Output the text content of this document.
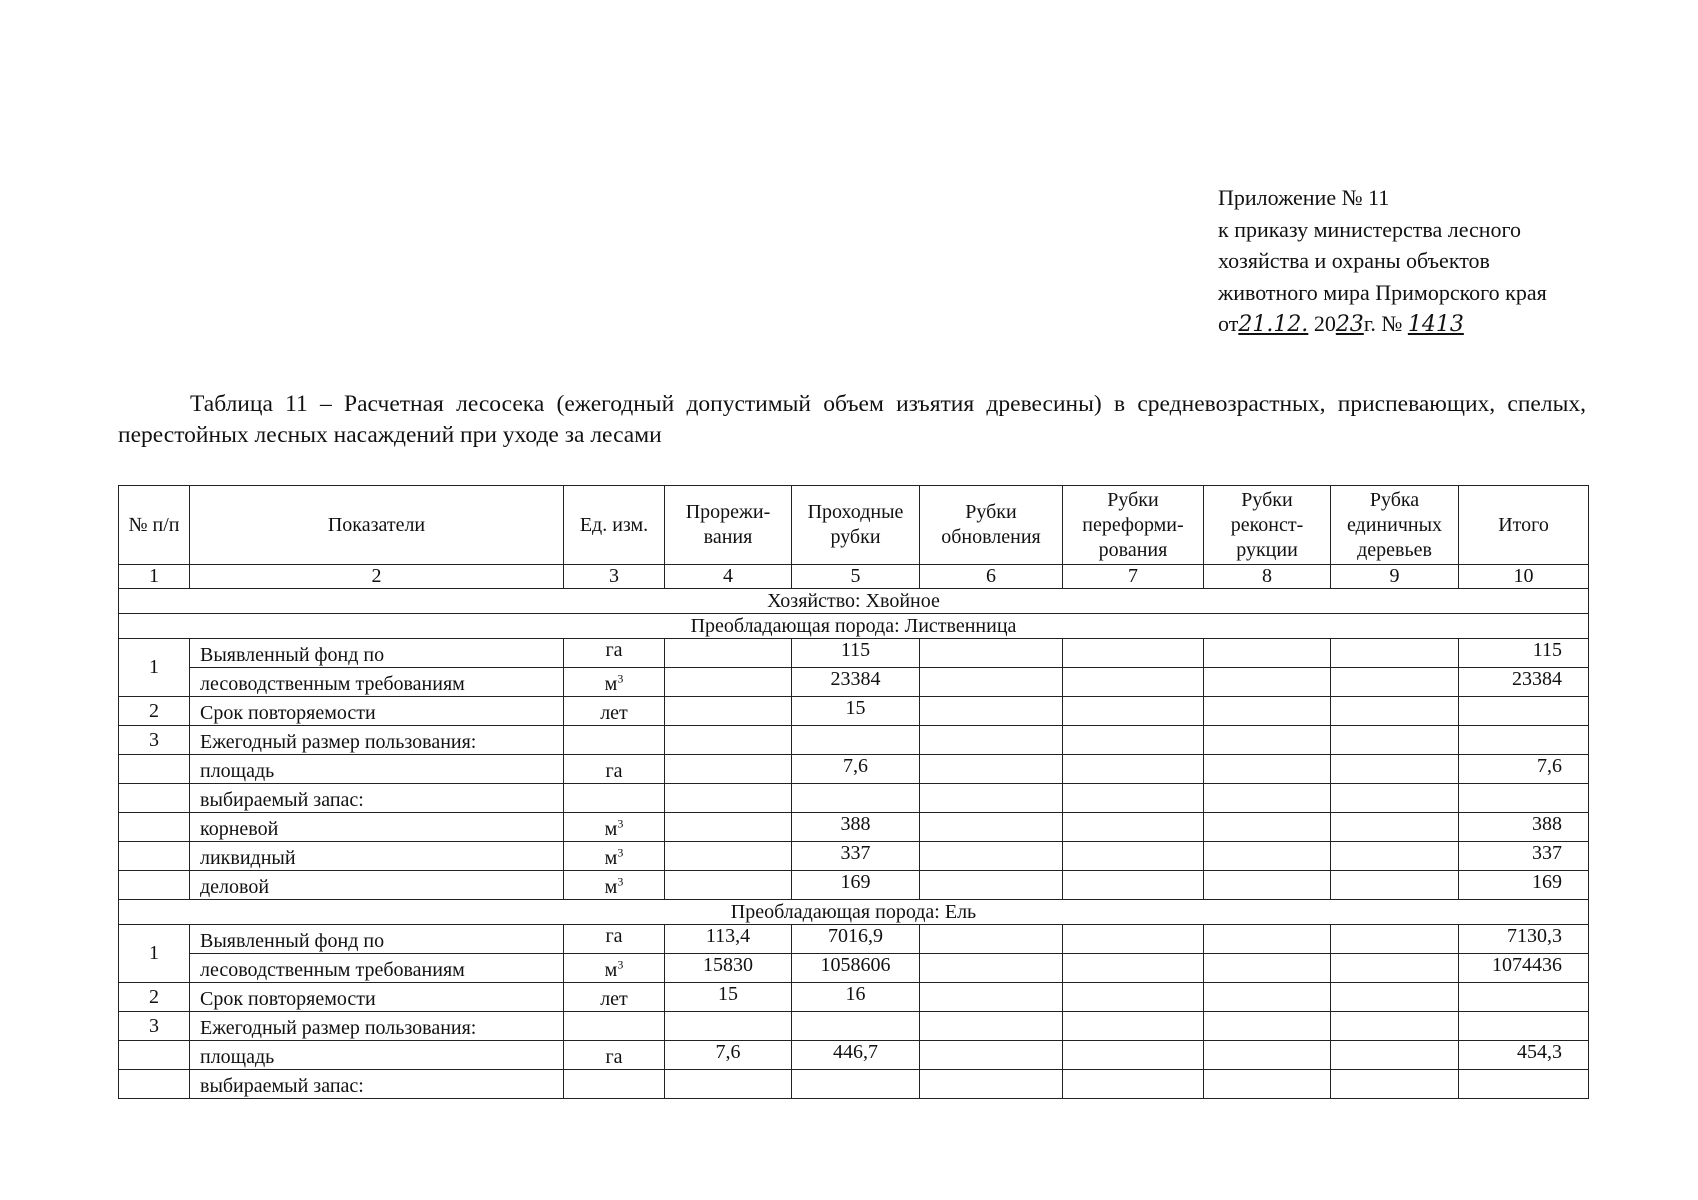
Приложение № 11
к приказу министерства лесного
хозяйства и охраны объектов
животного мира Приморского края
от21.12. 2023г. № 1413
Таблица 11 – Расчетная лесосека (ежегодный допустимый объем изъятия древесины) в средневозрастных, приспевающих, спелых, перестойных лесных насаждений при уходе за лесами
№ п/п	Показатели	Ед. изм.	Прорежи-вания	Проходные рубки	Рубки обновления	Рубки переформи-рования	Рубки реконст-рукции	Рубка единичных деревьев	Итого
1	2	3	4	5	6	7	8	9	10
Хозяйство: Хвойное									
Преобладающая порода: Лиственница									
1	Выявленный фонд по	га		115					115
	лесоводственным требованиям	$м^3$		23384					23384
2	Срок повторяемости	лет		15					
3	Ежегодный размер пользования:								
	площадь	га		7,6					7,6
	выбираемый запас:								
	корневой	$м^3$		388					388
	ликвидный	$м^3$		337					337
	деловой	$м^3$		169					169
Преобладающая порода: Ель									
1	Выявленный фонд по	га	113,4	7016,9					7130,3
	лесоводственным требованиям	$м^3$	15830	1058606					1074436
2	Срок повторяемости	лет	15	16					
3	Ежегодный размер пользования:								
	площадь	га	7,6	446,7					454,3
	выбираемый запас:								
